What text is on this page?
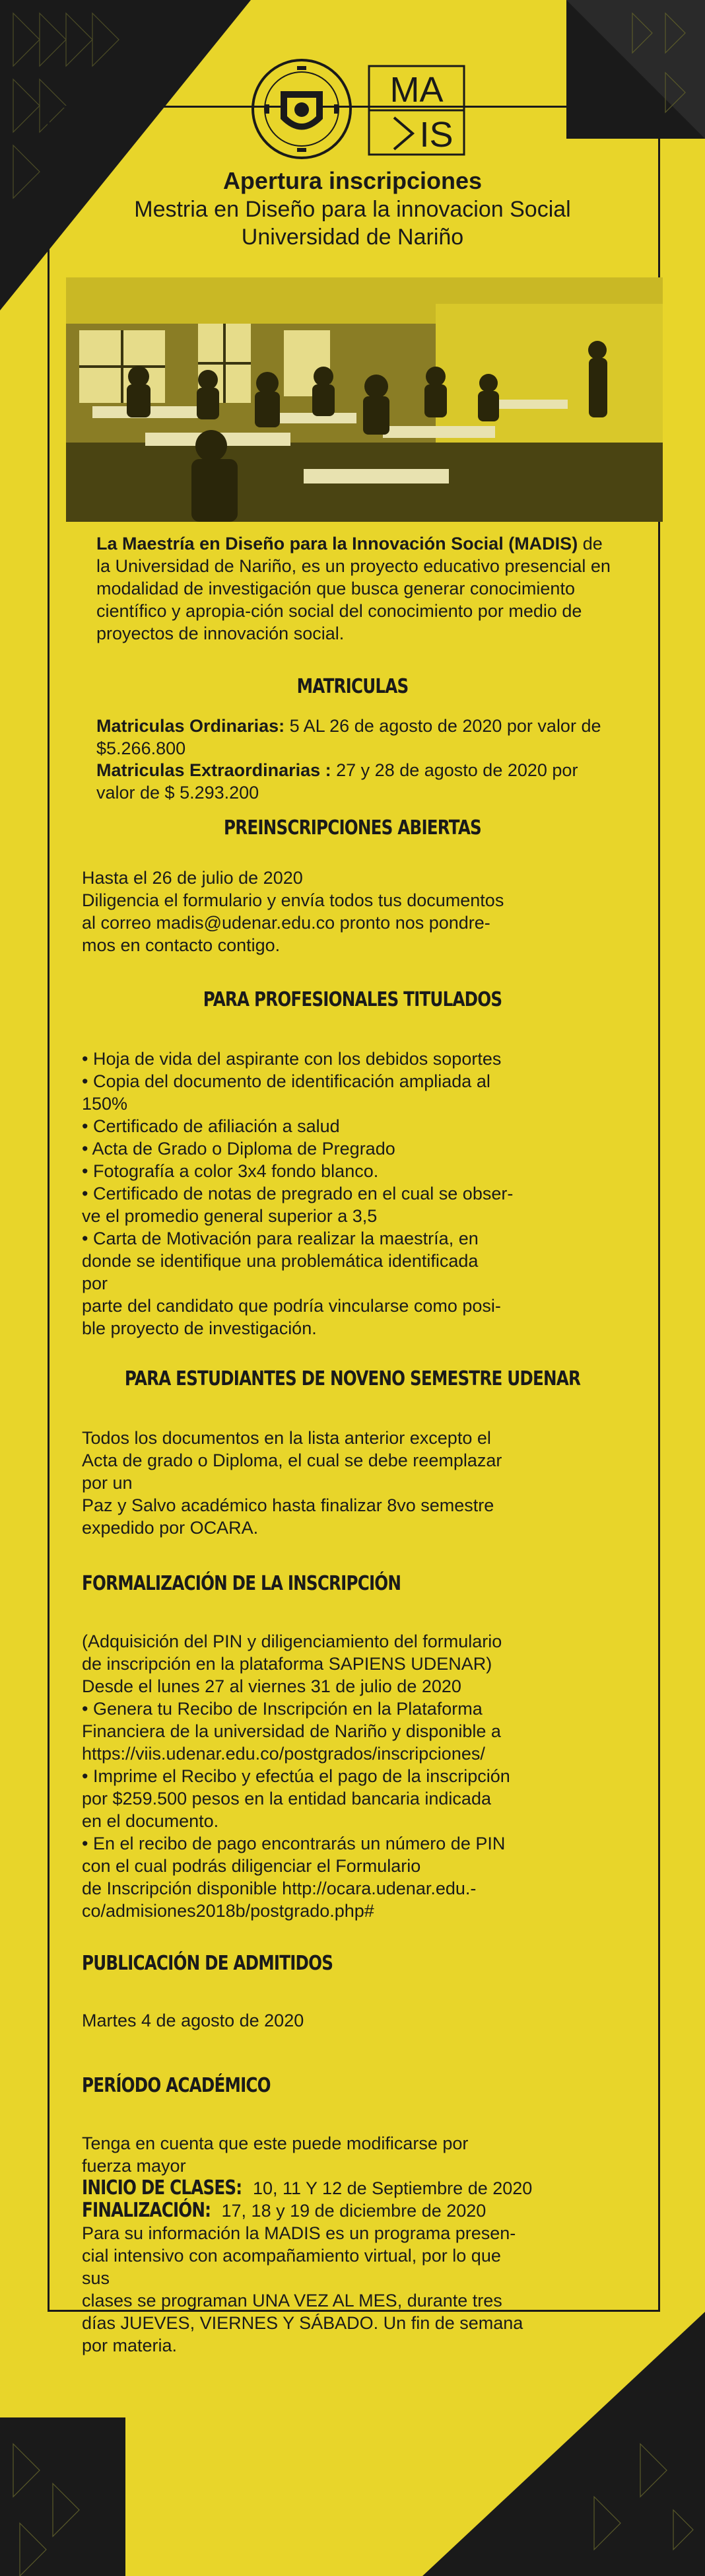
MA
IS

Apertura inscripciones

Mestria en Diseño para la innovacion Social

Universidad de Nariño

La Maestría en Diseño para la Innovación Social (MADIS) de la Universidad de Nariño, es un proyecto educativo presencial en modalidad de investigación que busca generar conocimiento científico y apropia-ción social del conocimiento por medio de proyectos de innovación social.

MATRICULAS

Matriculas Ordinarias: 5 AL 26 de agosto de 2020 por valor de $5.266.800

Matriculas Extraordinarias : 27 y 28 de agosto de 2020 por valor de $ 5.293.200

PREINSCRIPCIONES ABIERTAS

Hasta el 26 de julio de 2020
Diligencia el formulario y envía todos tus documentos
al correo madis@udenar.edu.co pronto nos pondre-
mos en contacto contigo.

PARA PROFESIONALES TITULADOS

• Hoja de vida del aspirante con los debidos soportes
• Copia del documento de identificación ampliada al
150%
• Certificado de afiliación a salud
• Acta de Grado o Diploma de Pregrado
• Fotografía a color 3x4 fondo blanco.
• Certificado de notas de pregrado en el cual se obser-
ve el promedio general superior a 3,5
• Carta de Motivación para realizar la maestría, en
donde se identifique una problemática identificada
por
parte del candidato que podría vincularse como posi-
ble proyecto de investigación.

PARA ESTUDIANTES DE NOVENO SEMESTRE UDENAR

Todos los documentos en la lista anterior excepto el
Acta de grado o Diploma, el cual se debe reemplazar
por un
Paz y Salvo académico hasta finalizar 8vo semestre
expedido por OCARA.

FORMALIZACIÓN DE LA INSCRIPCIÓN

(Adquisición del PIN y diligenciamiento del formulario
de inscripción en la plataforma SAPIENS UDENAR)
Desde el lunes 27 al viernes 31 de julio de 2020
• Genera tu Recibo de Inscripción en la Plataforma
Financiera de la universidad de Nariño y disponible a
https://viis.udenar.edu.co/postgrados/inscripciones/
• Imprime el Recibo y efectúa el pago de la inscripción
por $259.500 pesos en la entidad bancaria indicada
en el documento.
• En el recibo de pago encontrarás un número de PIN
con el cual podrás diligenciar el Formulario
de Inscripción disponible http://ocara.udenar.edu.-
co/admisiones2018b/postgrado.php#

PUBLICACIÓN DE ADMITIDOS

Martes 4 de agosto de 2020

PERÍODO ACADÉMICO

Tenga en cuenta que este puede modificarse por
fuerza mayor
INICIO DE CLASES: 10, 11 Y 12 de Septiembre de 2020
FINALIZACIÓN: 17, 18 y 19 de diciembre de 2020
Para su información la MADIS es un programa presen-
cial intensivo con acompañamiento virtual, por lo que
sus
clases se programan UNA VEZ AL MES, durante tres
días JUEVES, VIERNES Y SÁBADO. Un fin de semana
por materia.
